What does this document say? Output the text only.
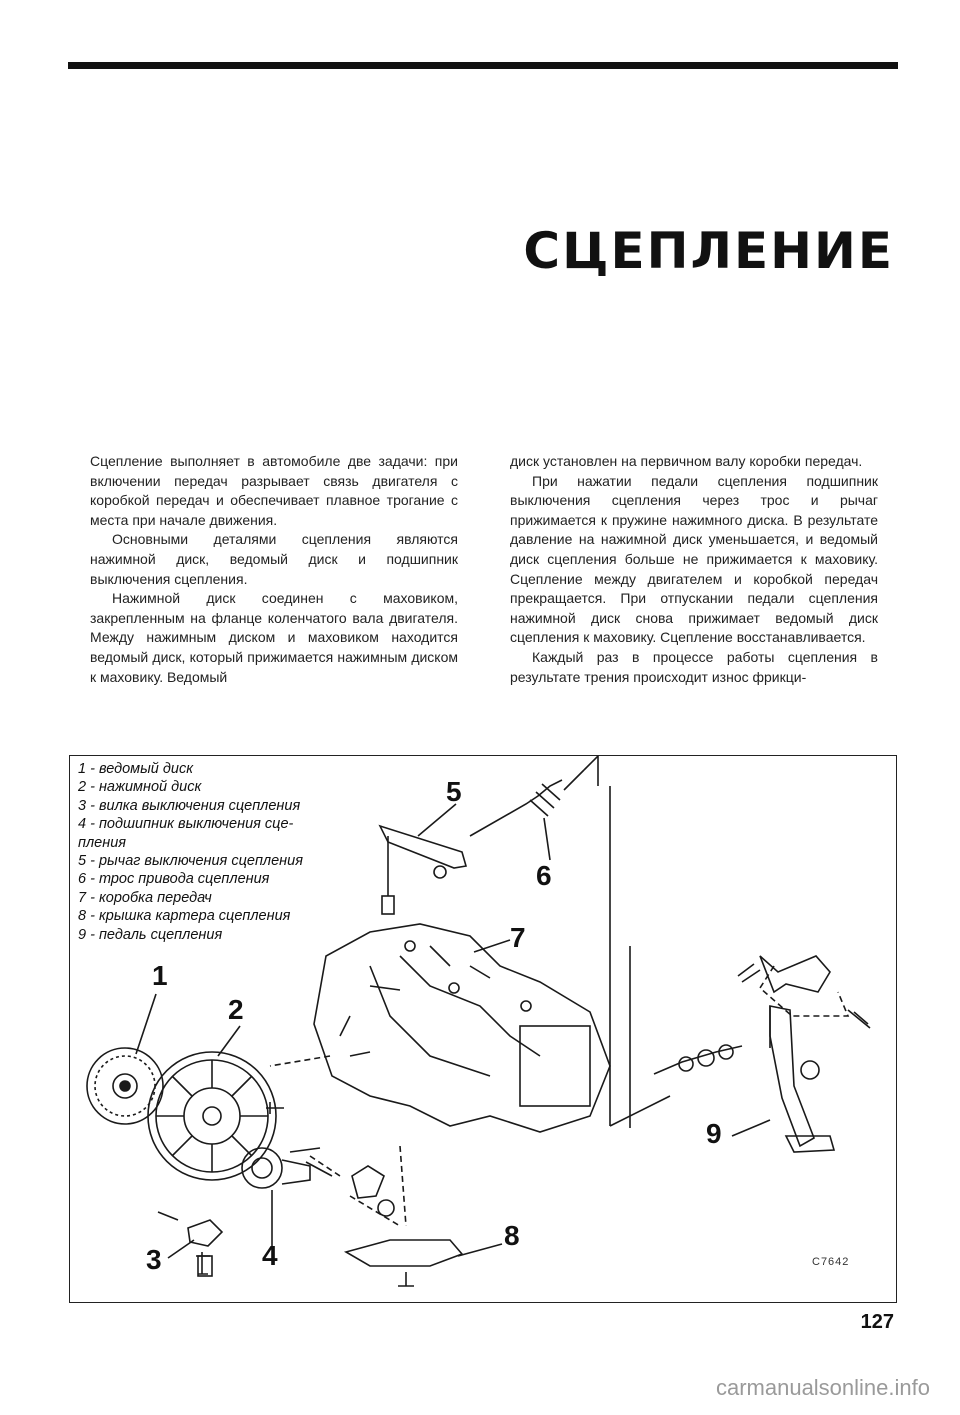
СЦЕПЛЕНИЕ

Сцепление выполняет в автомобиле две задачи: при включении передач разрывает связь двигателя с коробкой передач и обеспечивает плавное трогание с места при начале движения.

Основными деталями сцепления являются нажимной диск, ведомый диск и подшипник выключения сцепления.

Нажимной диск соединен с маховиком, закрепленным на фланце коленчатого вала двигателя. Между нажимным диском и маховиком находится ведомый диск, который прижимается нажимным диском к маховику. Ведомый

диск установлен на первичном валу коробки передач.

При нажатии педали сцепления подшипник выключения сцепления через трос и рычаг прижимается к пружине нажимного диска. В результате давление на нажимной диск уменьшается, и ведомый диск сцепления больше не прижимается к маховику. Сцепление между двигателем и коробкой передач прекращается. При отпускании педали сцепления нажимной диск снова прижимает ведомый диск сцепления к маховику. Сцепление восстанавливается.

Каждый раз в процессе работы сцепления в результате трения происходит износ фрикци-

1 - ведомый диск
2 - нажимной диск
3 - вилка выключения сцепления
4 - подшипник выключения сце-
пления
5 - рычаг выключения сцепления
6 - трос привода сцепления
7 - коробка передач
8 - крышка картера сцепления
9 - педаль сцепления
1
2
3	4
5
6
7
8
9
C7642
127
carmanualsonline.info
